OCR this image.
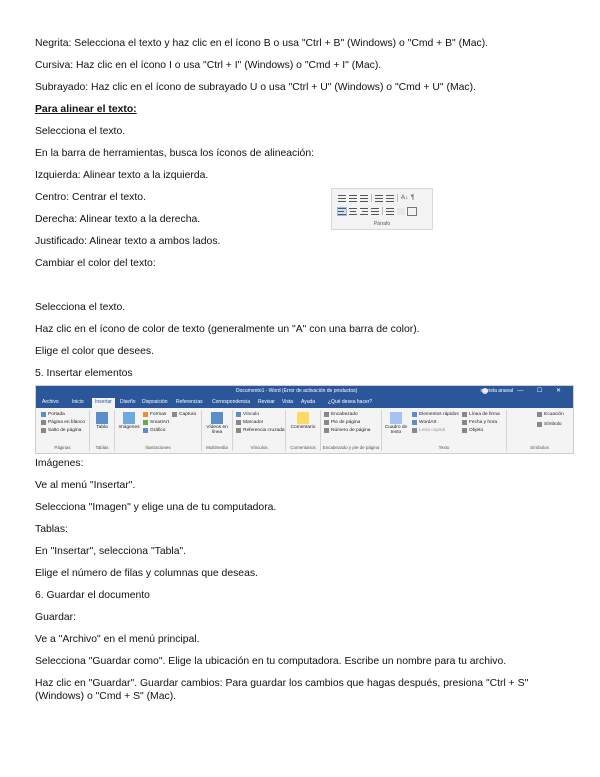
Negrita: Selecciona el texto y haz clic en el ícono B o usa "Ctrl + B" (Windows) o "Cmd + B" (Mac).

Cursiva: Haz clic en el ícono I o usa "Ctrl + I" (Windows) o "Cmd + I" (Mac).

Subrayado: Haz clic en el ícono de subrayado U o usa "Ctrl + U" (Windows) o "Cmd + U" (Mac).

Para alinear el texto:

Selecciona el texto.

En la barra de herramientas, busca los íconos de alineación:

Izquierda: Alinear texto a la izquierda.

Centro: Centrar el texto.

Derecha: Alinear texto a la derecha.

Justificado: Alinear texto a ambos lados.

Cambiar el color del texto:

Selecciona el texto.

Haz clic en el ícono de color de texto (generalmente un "A" con una barra de color).

Elige el color que desees.

5. Insertar elementos

A↓ ¶
Párrafo
Documento1 - Word (Error de activación de productos)	mariela anaval — ☐ ✕
Archivo	Inicio	Insertar	Diseño Disposición Referencias Correspondencia Revisar Vista Ayuda	¿Qué desea hacer?
Portada
Página en blanco
Salto de página
Páginas
Tabla
Tablas
Imágenes
Formas	Captura
SmartArt
Gráfico
Ilustraciones
Vídeos en línea
Multimedia
Vínculo
Marcador
Referencia cruzada
Vínculos
Comentario
Comentarios
Encabezado
Pie de página
Número de página
Encabezado y pie de página
Cuadro de texto
Elementos rápidos
WordArt
Letra capital
Línea de firma
Fecha y hora
Objeto
Texto
Ecuación
Símbolo
Símbolos

Imágenes:

Ve al menú "Insertar".

Selecciona "Imagen" y elige una de tu computadora.

Tablas:

En "Insertar", selecciona "Tabla".

Elige el número de filas y columnas que deseas.

6. Guardar el documento

Guardar:

Ve a "Archivo" en el menú principal.

Selecciona "Guardar como". Elige la ubicación en tu computadora. Escribe un nombre para tu archivo.

Haz clic en "Guardar". Guardar cambios: Para guardar los cambios que hagas después, presiona "Ctrl + S" (Windows) o "Cmd + S" (Mac).
